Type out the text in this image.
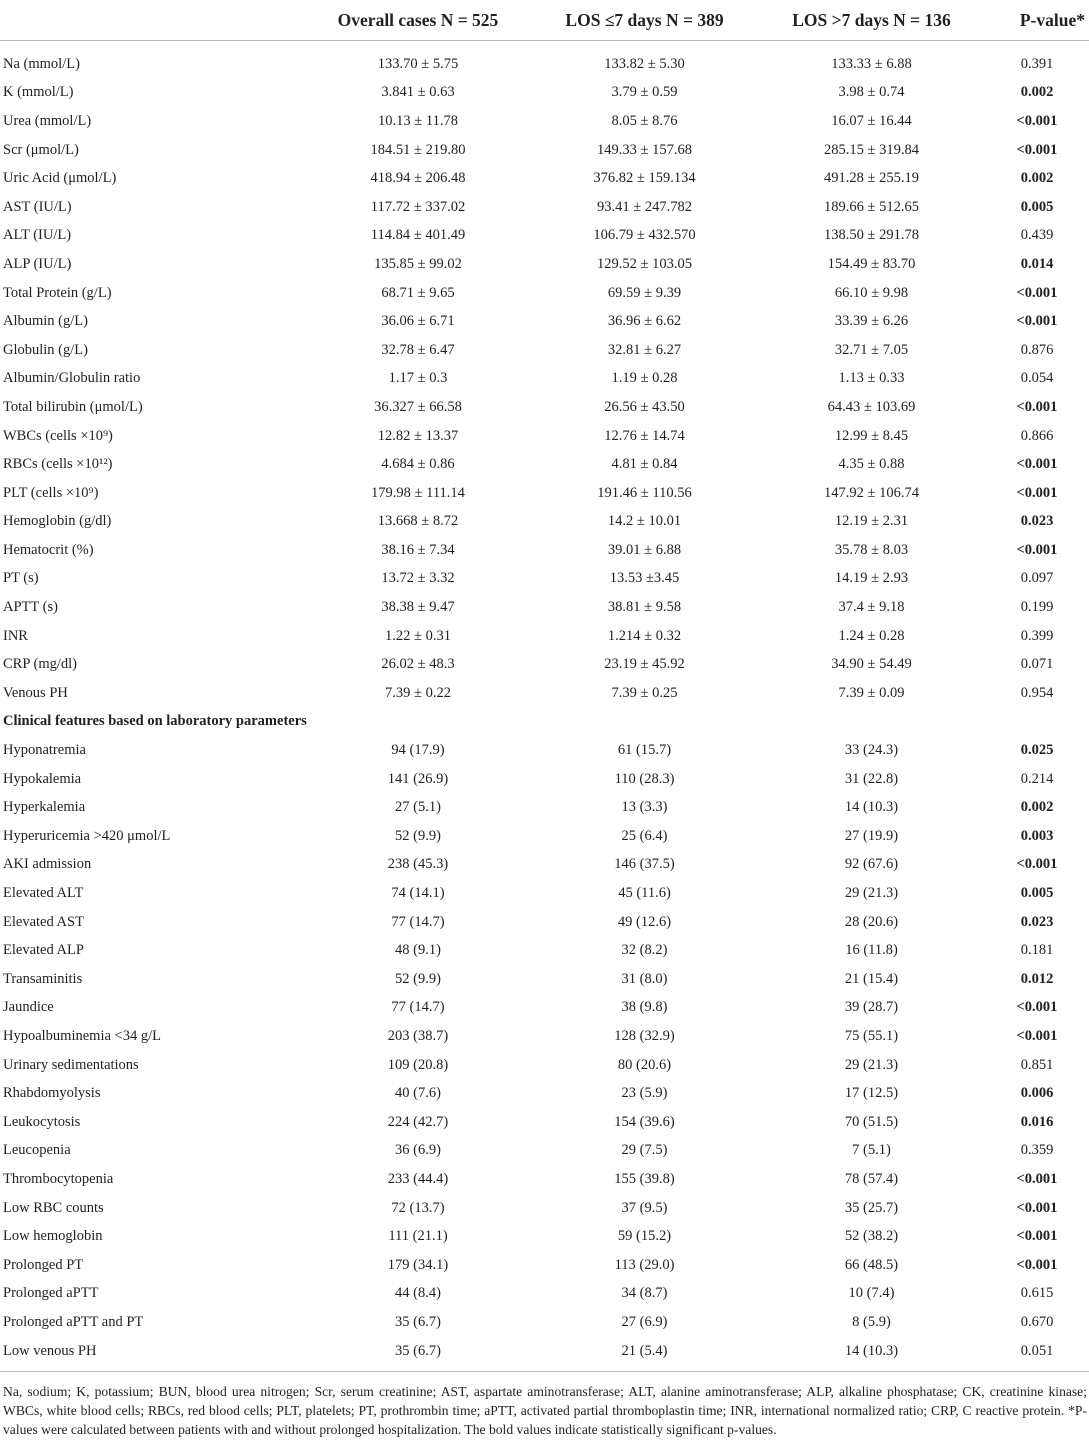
	Overall cases N = 525	LOS ≤7 days N = 389	LOS >7 days N = 136	P-value*

Na (mmol/L)	133.70 ± 5.75	133.82 ± 5.30	133.33 ± 6.88	0.391
K (mmol/L)	3.841 ± 0.63	3.79 ± 0.59	3.98 ± 0.74	0.002
Urea (mmol/L)	10.13 ± 11.78	8.05 ± 8.76	16.07 ± 16.44	<0.001
Scr (μmol/L)	184.51 ± 219.80	149.33 ± 157.68	285.15 ± 319.84	<0.001
Uric Acid (μmol/L)	418.94 ± 206.48	376.82 ± 159.134	491.28 ± 255.19	0.002
AST (IU/L)	117.72 ± 337.02	93.41 ± 247.782	189.66 ± 512.65	0.005
ALT (IU/L)	114.84 ± 401.49	106.79 ± 432.570	138.50 ± 291.78	0.439
ALP (IU/L)	135.85 ± 99.02	129.52 ± 103.05	154.49 ± 83.70	0.014
Total Protein (g/L)	68.71 ± 9.65	69.59 ± 9.39	66.10 ± 9.98	<0.001
Albumin (g/L)	36.06 ± 6.71	36.96 ± 6.62	33.39 ± 6.26	<0.001
Globulin (g/L)	32.78 ± 6.47	32.81 ± 6.27	32.71 ± 7.05	0.876
Albumin/Globulin ratio	1.17 ± 0.3	1.19 ± 0.28	1.13 ± 0.33	0.054
Total bilirubin (μmol/L)	36.327 ± 66.58	26.56 ± 43.50	64.43 ± 103.69	<0.001
WBCs (cells ×10⁹)	12.82 ± 13.37	12.76 ± 14.74	12.99 ± 8.45	0.866
RBCs (cells ×10¹²)	4.684 ± 0.86	4.81 ± 0.84	4.35 ± 0.88	<0.001
PLT (cells ×10⁹)	179.98 ± 111.14	191.46 ± 110.56	147.92 ± 106.74	<0.001
Hemoglobin (g/dl)	13.668 ± 8.72	14.2 ± 10.01	12.19 ± 2.31	0.023
Hematocrit (%)	38.16 ± 7.34	39.01 ± 6.88	35.78 ± 8.03	<0.001
PT (s)	13.72 ± 3.32	13.53 ±3.45	14.19 ± 2.93	0.097
APTT (s)	38.38 ± 9.47	38.81 ± 9.58	37.4 ± 9.18	0.199
INR	1.22 ± 0.31	1.214 ± 0.32	1.24 ± 0.28	0.399
CRP (mg/dl)	26.02 ± 48.3	23.19 ± 45.92	34.90 ± 54.49	0.071
Venous PH	7.39 ± 0.22	7.39 ± 0.25	7.39 ± 0.09	0.954
Clinical features based on laboratory parameters				
Hyponatremia	94 (17.9)	61 (15.7)	33 (24.3)	0.025
Hypokalemia	141 (26.9)	110 (28.3)	31 (22.8)	0.214
Hyperkalemia	27 (5.1)	13 (3.3)	14 (10.3)	0.002
Hyperuricemia >420 μmol/L	52 (9.9)	25 (6.4)	27 (19.9)	0.003
AKI admission	238 (45.3)	146 (37.5)	92 (67.6)	<0.001
Elevated ALT	74 (14.1)	45 (11.6)	29 (21.3)	0.005
Elevated AST	77 (14.7)	49 (12.6)	28 (20.6)	0.023
Elevated ALP	48 (9.1)	32 (8.2)	16 (11.8)	0.181
Transaminitis	52 (9.9)	31 (8.0)	21 (15.4)	0.012
Jaundice	77 (14.7)	38 (9.8)	39 (28.7)	<0.001
Hypoalbuminemia <34 g/L	203 (38.7)	128 (32.9)	75 (55.1)	<0.001
Urinary sedimentations	109 (20.8)	80 (20.6)	29 (21.3)	0.851
Rhabdomyolysis	40 (7.6)	23 (5.9)	17 (12.5)	0.006
Leukocytosis	224 (42.7)	154 (39.6)	70 (51.5)	0.016
Leucopenia	36 (6.9)	29 (7.5)	7 (5.1)	0.359
Thrombocytopenia	233 (44.4)	155 (39.8)	78 (57.4)	<0.001
Low RBC counts	72 (13.7)	37 (9.5)	35 (25.7)	<0.001
Low hemoglobin	111 (21.1)	59 (15.2)	52 (38.2)	<0.001
Prolonged PT	179 (34.1)	113 (29.0)	66 (48.5)	<0.001
Prolonged aPTT	44 (8.4)	34 (8.7)	10 (7.4)	0.615
Prolonged aPTT and PT	35 (6.7)	27 (6.9)	8 (5.9)	0.670
Low venous PH	35 (6.7)	21 (5.4)	14 (10.3)	0.051
Na, sodium; K, potassium; BUN, blood urea nitrogen; Scr, serum creatinine; AST, aspartate aminotransferase; ALT, alanine aminotransferase; ALP, alkaline phosphatase; CK, creatinine kinase; WBCs, white blood cells; RBCs, red blood cells; PLT, platelets; PT, prothrombin time; aPTT, activated partial thromboplastin time; INR, international normalized ratio; CRP, C reactive protein. *P-values were calculated between patients with and without prolonged hospitalization. The bold values indicate statistically significant p-values.
